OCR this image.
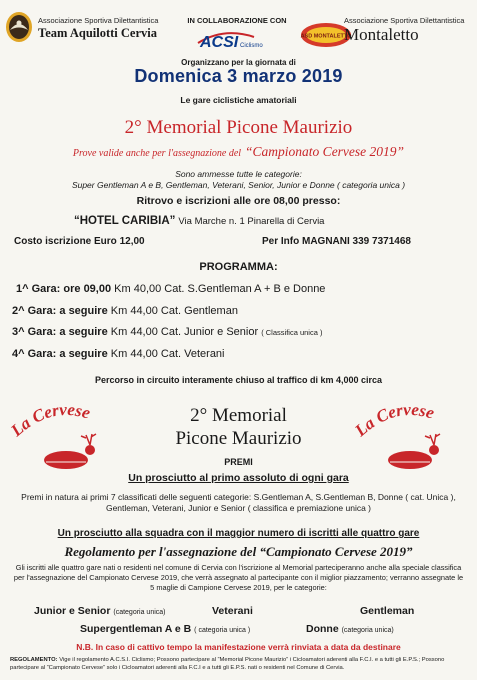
Associazione Sportiva Dilettantistica
Team Aquilotti Cervia
IN COLLABORAZIONE CON
ACSI Ciclismo
ASD MONTALETTO
Associazione Sportiva Dilettantistica
Montaletto
Organizzano per la giornata di
Domenica 3 marzo 2019
Le gare ciclistiche amatoriali
2° Memorial Picone Maurizio
Prove valide anche per l'assegnazione del “Campionato Cervese 2019”
Sono ammesse tutte le categorie:
Super Gentleman A e B, Gentleman, Veterani, Senior, Junior e Donne ( categoria unica )
Ritrovo e iscrizioni alle ore 08,00 presso:
“HOTEL CARIBIA” Via Marche n. 1 Pinarella di Cervia
Costo iscrizione Euro 12,00	Per Info MAGNANI 339 7371468
PROGRAMMA:
1^ Gara: ore 09,00 Km 40,00 Cat. S.Gentleman A + B e Donne
2^ Gara: a seguire Km 44,00 Cat. Gentleman
3^ Gara: a seguire Km 44,00 Cat. Junior e Senior ( Classifica unica )
4^ Gara: a seguire Km 44,00 Cat. Veterani
Percorso in circuito interamente chiuso al traffico di km 4,000 circa
La Cervese
La Cervese
2° Memorial
Picone Maurizio
PREMI
Un prosciutto al primo assoluto di ogni gara
Premi in natura ai primi 7 classificati delle seguenti categorie: S.Gentleman A, S.Gentleman B, Donne ( cat. Unica ), Gentleman, Veterani, Junior e Senior ( classifica e premiazione unica )
Un prosciutto alla squadra con il maggior numero di iscritti alle quattro gare
Regolamento per l'assegnazione del “Campionato Cervese 2019”
Gli iscritti alle quattro gare nati o residenti nel comune di Cervia con l'iscrizione al Memorial parteciperanno anche alla speciale classifica per l'assegnazione del Campionato Cervese 2019, che verrà assegnato al partecipante con il miglior piazzamento; verranno assegnate le 5 maglie di Campione Cervese 2019, per le categorie:
Junior e Senior (categoria unica)	Veterani	Gentleman
Supergentleman A e B ( categoria unica )	Donne (categoria unica)
N.B. In caso di cattivo tempo la manifestazione verrà rinviata a data da destinare
REGOLAMENTO: Vige il regolamento A.C.S.I. Ciclismo; Possono partecipare al “Memorial Picone Maurizio” i Cicloamatori aderenti alla F.C.I. e a tutti gli E.P.S.; Possono partecipare al “Campionato Cervese” solo i Cicloamatori aderenti alla F.C.I e a tutti gli E.P.S. nati o residenti nel Comune di Cervia.
